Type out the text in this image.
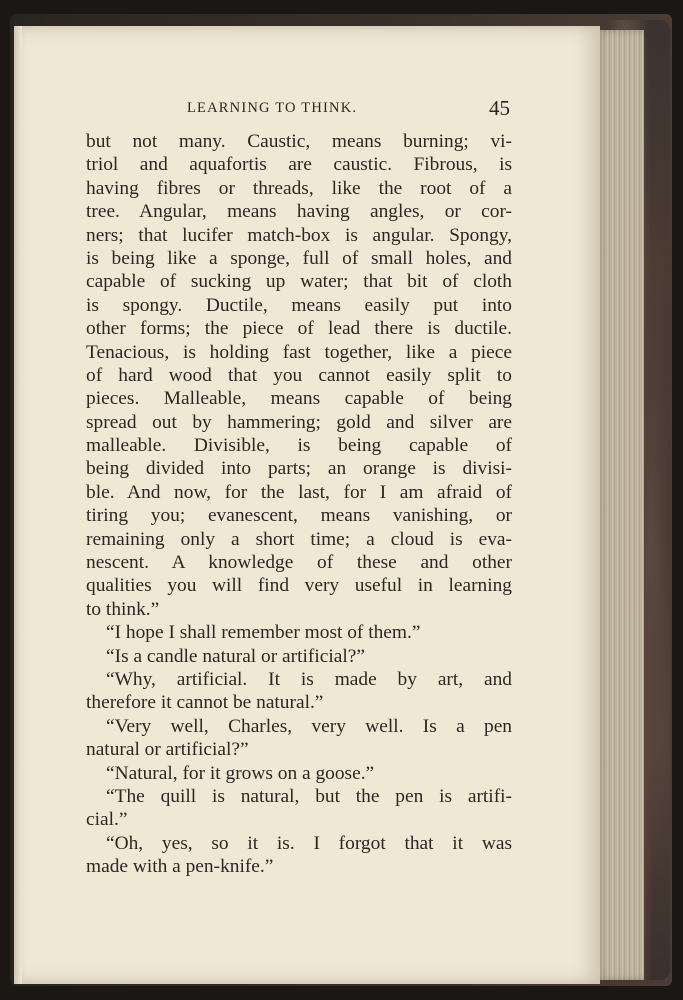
LEARNING TO THINK.	45
but not many. Caustic, means burning; vi-
triol and aquafortis are caustic. Fibrous, is
having fibres or threads, like the root of a
tree. Angular, means having angles, or cor-
ners; that lucifer match-box is angular. Spongy,
is being like a sponge, full of small holes, and
capable of sucking up water; that bit of cloth
is spongy. Ductile, means easily put into
other forms; the piece of lead there is ductile.
Tenacious, is holding fast together, like a piece
of hard wood that you cannot easily split to
pieces. Malleable, means capable of being
spread out by hammering; gold and silver are
malleable. Divisible, is being capable of
being divided into parts; an orange is divisi-
ble. And now, for the last, for I am afraid of
tiring you; evanescent, means vanishing, or
remaining only a short time; a cloud is eva-
nescent. A knowledge of these and other
qualities you will find very useful in learning
to think.”
“I hope I shall remember most of them.”
“Is a candle natural or artificial?”
“Why, artificial. It is made by art, and
therefore it cannot be natural.”
“Very well, Charles, very well. Is a pen
natural or artificial?”
“Natural, for it grows on a goose.”
“The quill is natural, but the pen is artifi-
cial.”
“Oh, yes, so it is. I forgot that it was
made with a pen-knife.”
